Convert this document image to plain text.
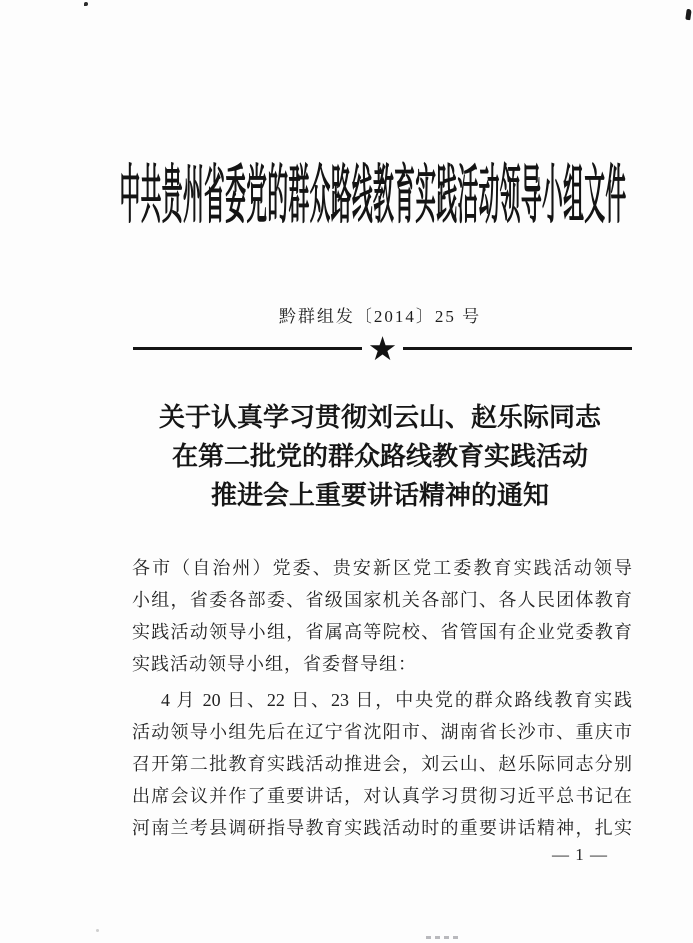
中共贵州省委党的群众路线教育实践活动领导小组文件
黔群组发〔2014〕25 号
★
关于认真学习贯彻刘云山、赵乐际同志
在第二批党的群众路线教育实践活动
推进会上重要讲话精神的通知
各市（自治州）党委、贵安新区党工委教育实践活动领导
小组，省委各部委、省级国家机关各部门、各人民团体教育
实践活动领导小组，省属高等院校、省管国有企业党委教育
实践活动领导小组，省委督导组：
4 月 20 日、22 日、23 日，中央党的群众路线教育实践
活动领导小组先后在辽宁省沈阳市、湖南省长沙市、重庆市
召开第二批教育实践活动推进会，刘云山、赵乐际同志分别
出席会议并作了重要讲话，对认真学习贯彻习近平总书记在
河南兰考县调研指导教育实践活动时的重要讲话精神，扎实
— 1 —
